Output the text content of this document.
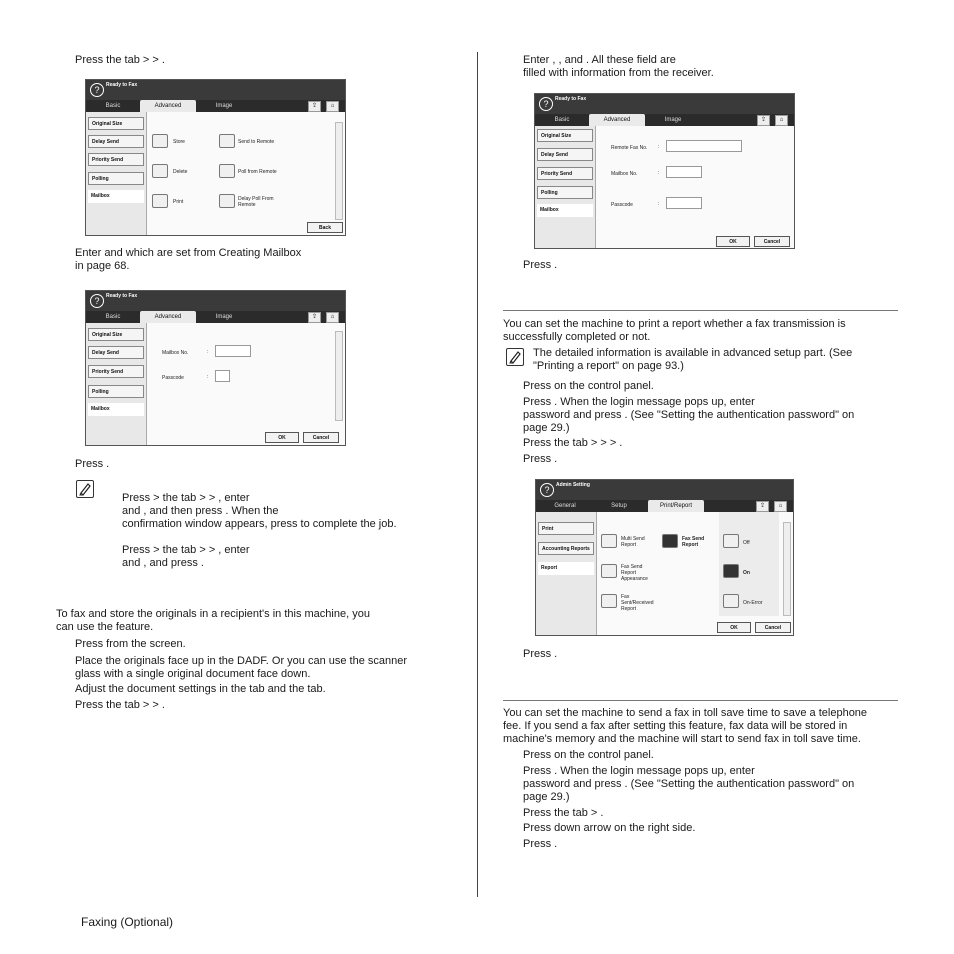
Press the tab > > .
?	Ready to Fax
Basic	Advanced	Image	⇪	⌂
Original Size
Delay Send
Priority Send
Polling
Mailbox
Store	Send to Remote
Delete	Poll from Remote
Print	Delay Poll From Remote
Back
Enter and which are set from Creating Mailbox
in page 68.
?	Ready to Fax
Basic	Advanced	Image	⇪	⌂
Original Size
Delay Send
Priority Send
Polling
Mailbox
Mailbox No.	:
Passcode	:
OK	Cancel
Press .
Press > the tab > > , enter
and , and then press . When the
confirmation window appears, press to complete the job.
Press > the tab > > , enter
and , and press .
To fax and store the originals in a recipient's in this machine, you
can use the feature.
Press from the screen.
Place the originals face up in the DADF. Or you can use the scanner
glass with a single original document face down.
Adjust the document settings in the tab and the tab.
Press the tab > > .
Enter , , and . All these field are
filled with information from the receiver.
?	Ready to Fax
Basic	Advanced	Image	⇪	⌂
Original Size
Delay Send
Priority Send
Polling
Mailbox
Remote Fax No. :
Mailbox No.	:
Passcode	:
OK	Cancel
Press .
You can set the machine to print a report whether a fax transmission is
successfully completed or not.
The detailed information is available in advanced setup part. (See
"Printing a report" on page 93.)
Press on the control panel.
Press . When the login message pops up, enter
password and press . (See "Setting the authentication password" on
page 29.)
Press the tab > > > .
Press .
?	Admin Setting
General	Setup	Print/Report	⇪	⌂
Print
Accounting Reports
Report
Multi Send Report
Fax Send Report
Fax Send Report Appearance
Fax Sent/Received Report
Off
On
On-Error
OK	Cancel
Press .
You can set the machine to send a fax in toll save time to save a telephone
fee. If you send a fax after setting this feature, fax data will be stored in
machine's memory and the machine will start to send fax in toll save time.
Press on the control panel.
Press . When the login message pops up, enter
password and press . (See "Setting the authentication password" on
page 29.)
Press the tab > .
Press down arrow on the right side.
Press .
Faxing (Optional)
